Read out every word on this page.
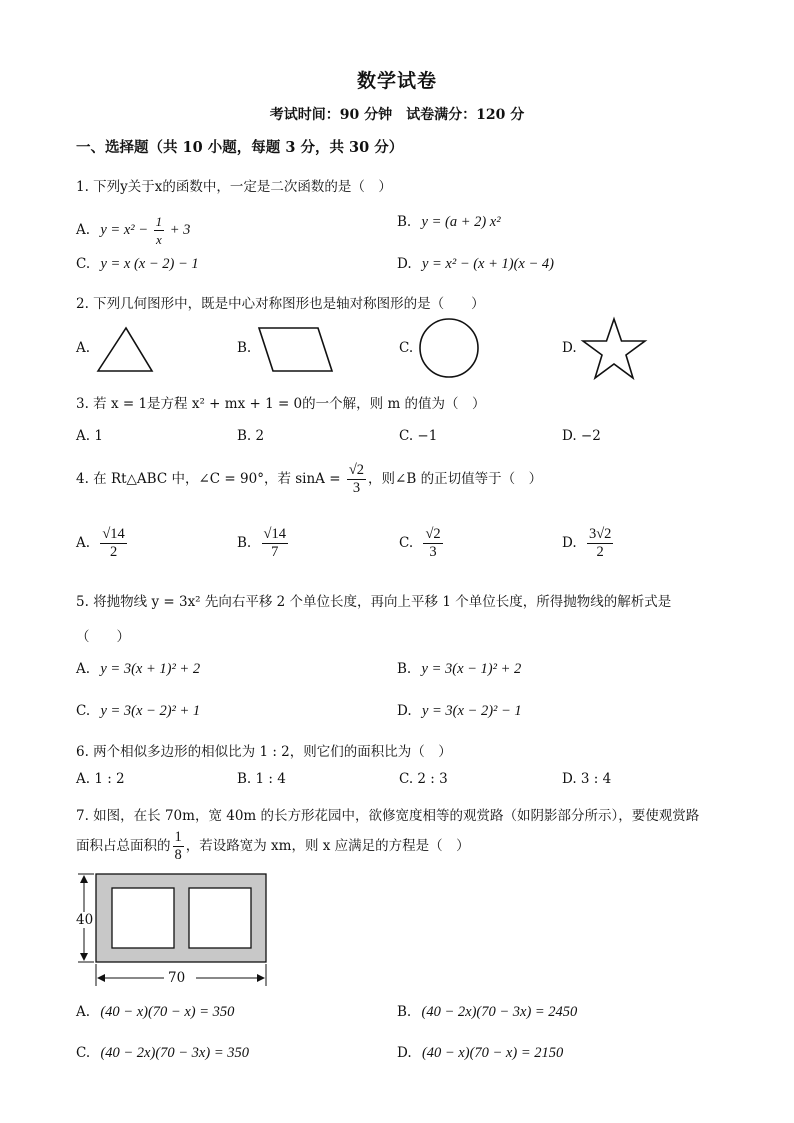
数学试卷
考试时间：90 分钟　试卷满分：120 分
一、选择题（共 10 小题，每题 3 分，共 30 分）
1. 下列y关于x的函数中，一定是二次函数的是（　）
A. $y = x^2 - \frac{1}{x} + 3$	B. y = (a + 2) x²
C. y = x (x − 2) − 1	D. y = x² − (x + 1)(x − 4)
2. 下列几何图形中，既是中心对称图形也是轴对称图形的是（　　）
A.	B.	C.	D.
3. 若 x = 1是方程 x² + mx + 1 = 0的一个解，则 m 的值为（　）
A. 1	B. 2	C. −1	D. −2
4. 在 Rt△ABC 中，∠C = 90°，若 $\sin A = \frac{√2}{3}$ ，则∠B 的正切值等于（　）
A. $\frac{√14}{2}$	B. $\frac{√14}{7}$	C. $\frac{√2}{3}$	D. $\frac{3√2}{2}$
5. 将抛物线 y = 3x² 先向右平移 2 个单位长度，再向上平移 1 个单位长度，所得抛物线的解析式是
（　　）
A. y = 3(x + 1)² + 2	B. y = 3(x − 1)² + 2
C. y = 3(x − 2)² + 1	D. y = 3(x − 2)² − 1
6. 两个相似多边形的相似比为 1 : 2，则它们的面积比为（　）
A. 1 : 2	B. 1 : 4	C. 2 : 3	D. 3 : 4
7. 如图，在长 70m，宽 40m 的长方形花园中，欲修宽度相等的观赏路（如阴影部分所示），要使观赏路
面积占总面积的 $\frac{1}{8}$ ，若设路宽为 xm，则 x 应满足的方程是（　）
40
70
A. (40 − x)(70 − x) = 350	B. (40 − 2x)(70 − 3x) = 2450
C. (40 − 2x)(70 − 3x) = 350	D. (40 − x)(70 − x) = 2150
